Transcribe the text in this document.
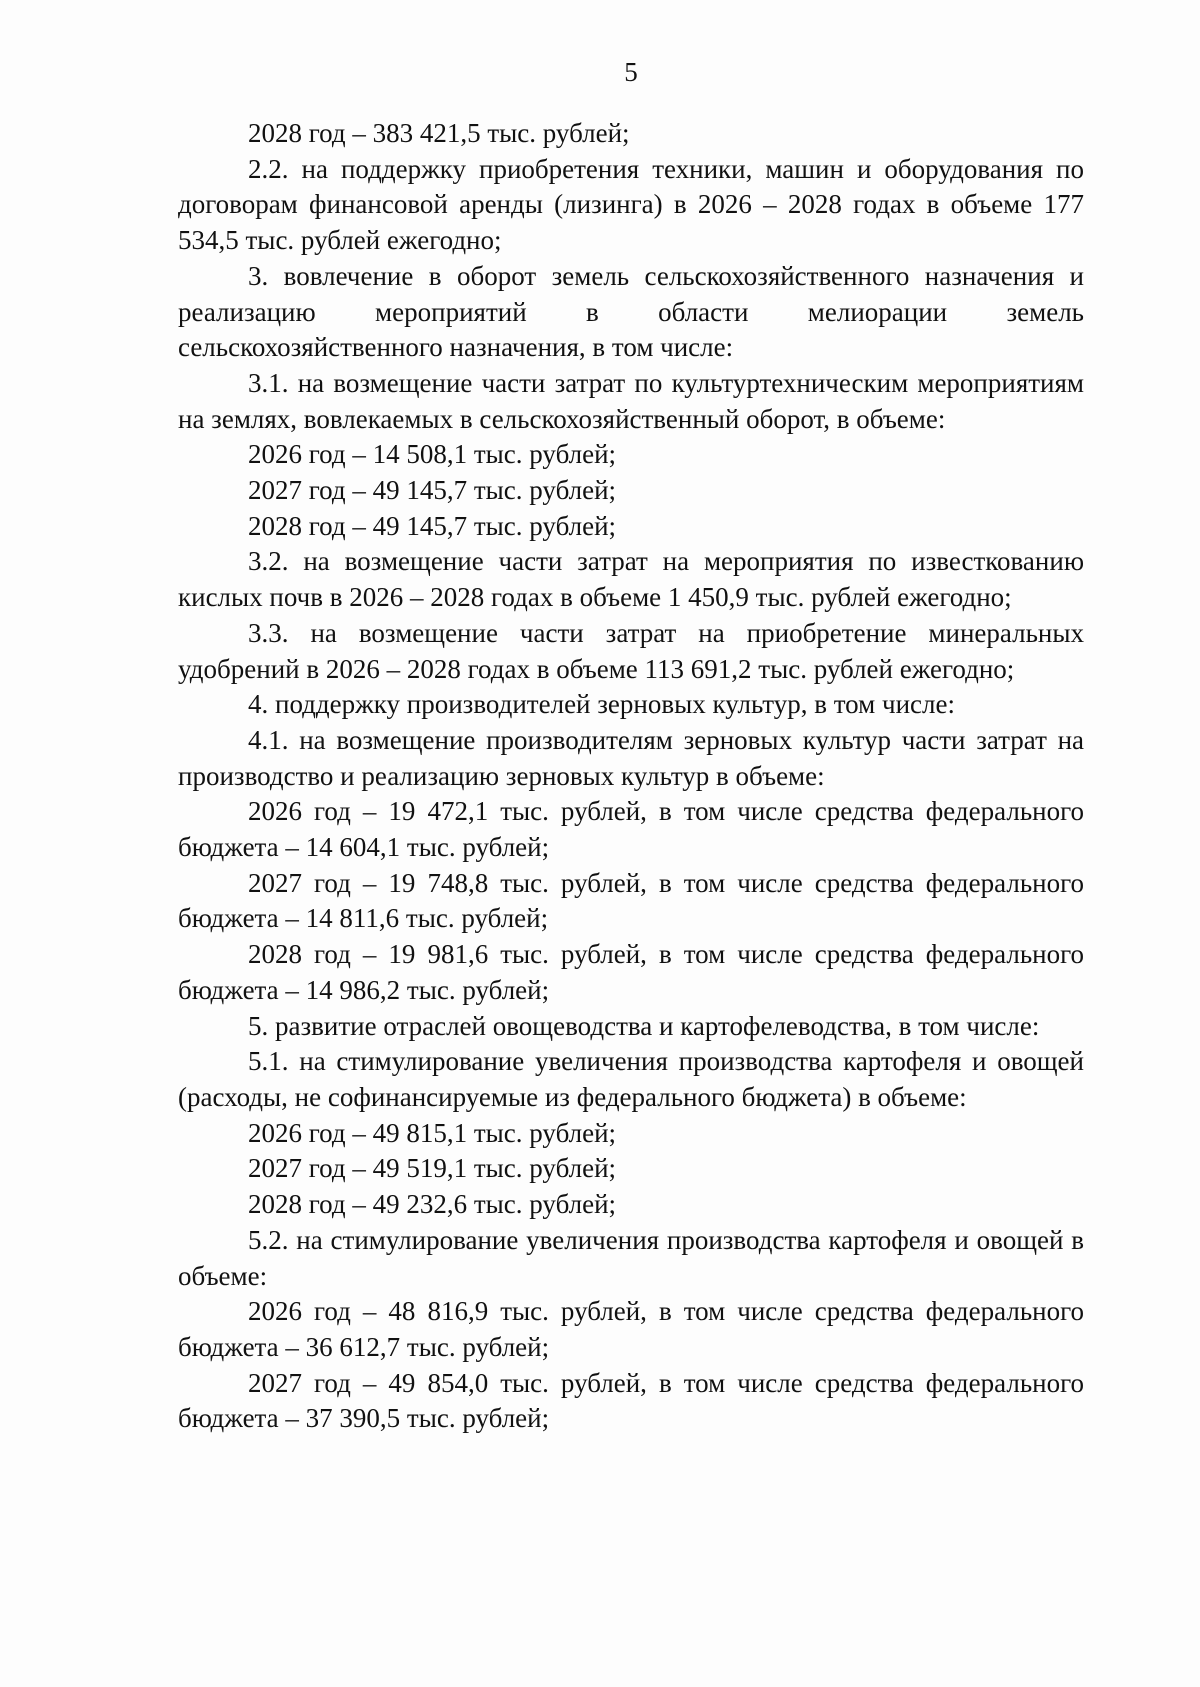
5

2028 год – 383 421,5 тыс. рублей;

2.2. на поддержку приобретения техники, машин и оборудования по договорам финансовой аренды (лизинга) в 2026 – 2028 годах в объеме 177 534,5 тыс. рублей ежегодно;

3. вовлечение в оборот земель сельскохозяйственного назначения и реализацию мероприятий в области мелиорации земель сельскохозяйственного назначения, в том числе:

3.1. на возмещение части затрат по культуртехническим мероприятиям на землях, вовлекаемых в сельскохозяйственный оборот, в объеме:

2026 год – 14 508,1 тыс. рублей;

2027 год – 49 145,7 тыс. рублей;

2028 год – 49 145,7 тыс. рублей;

3.2. на возмещение части затрат на мероприятия по известкованию кислых почв в 2026 – 2028 годах в объеме 1 450,9 тыс. рублей ежегодно;

3.3. на возмещение части затрат на приобретение минеральных удобрений в 2026 – 2028 годах в объеме 113 691,2 тыс. рублей ежегодно;

4. поддержку производителей зерновых культур, в том числе:

4.1. на возмещение производителям зерновых культур части затрат на производство и реализацию зерновых культур в объеме:

2026 год – 19 472,1 тыс. рублей, в том числе средства федерального бюджета – 14 604,1 тыс. рублей;

2027 год – 19 748,8 тыс. рублей, в том числе средства федерального бюджета – 14 811,6 тыс. рублей;

2028 год – 19 981,6 тыс. рублей, в том числе средства федерального бюджета – 14 986,2 тыс. рублей;

5. развитие отраслей овощеводства и картофелеводства, в том числе:

5.1. на стимулирование увеличения производства картофеля и овощей (расходы, не софинансируемые из федерального бюджета) в объеме:

2026 год – 49 815,1 тыс. рублей;

2027 год – 49 519,1 тыс. рублей;

2028 год – 49 232,6 тыс. рублей;

5.2. на стимулирование увеличения производства картофеля и овощей в объеме:

2026 год – 48 816,9 тыс. рублей, в том числе средства федерального бюджета – 36 612,7 тыс. рублей;

2027 год – 49 854,0 тыс. рублей, в том числе средства федерального бюджета – 37 390,5 тыс. рублей;
